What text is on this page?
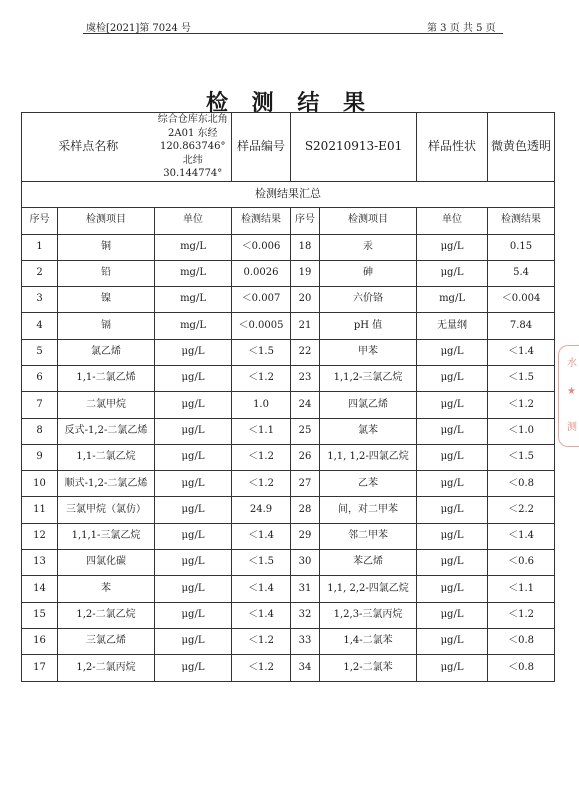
虞检[2021]第 7024 号	第 3 页 共 5 页
检 测 结 果
采样点名称		综合仓库东北角
2A01 东经 120.863746°
北纬 30.144774°	样品编号	S20210913-E01		样品性状	微黄色透明
检测结果汇总							
序号	检测项目	单位	检测结果	序号	检测项目	单位	检测结果
1	铜	mg/L	＜0.006	18	汞	μg/L	0.15
2	铅	mg/L	0.0026	19	砷	μg/L	5.4
3	镍	mg/L	＜0.007	20	六价铬	mg/L	＜0.004
4	镉	mg/L	＜0.0005	21	pH 值	无量纲	7.84
5	氯乙烯	μg/L	＜1.5	22	甲苯	μg/L	＜1.4
6	1,1-二氯乙烯	μg/L	＜1.2	23	1,1,2-三氯乙烷	μg/L	＜1.5
7	二氯甲烷	μg/L	1.0	24	四氯乙烯	μg/L	＜1.2
8	反式-1,2-二氯乙烯	μg/L	＜1.1	25	氯苯	μg/L	＜1.0
9	1,1-二氯乙烷	μg/L	＜1.2	26	1,1, 1,2-四氯乙烷	μg/L	＜1.5
10	顺式-1,2-二氯乙烯	μg/L	＜1.2	27	乙苯	μg/L	＜0.8
11	三氯甲烷（氯仿）	μg/L	24.9	28	间，对二甲苯	μg/L	＜2.2
12	1,1,1-三氯乙烷	μg/L	＜1.4	29	邻二甲苯	μg/L	＜1.4
13	四氯化碳	μg/L	＜1.5	30	苯乙烯	μg/L	＜0.6
14	苯	μg/L	＜1.4	31	1,1, 2,2-四氯乙烷	μg/L	＜1.1
15	1,2-二氯乙烷	μg/L	＜1.4	32	1,2,3-三氯丙烷	μg/L	＜1.2
16	三氯乙烯	μg/L	＜1.2	33	1,4-二氯苯	μg/L	＜0.8
17	1,2-二氯丙烷	μg/L	＜1.2	34	1,2-二氯苯	μg/L	＜0.8
水
★
测
